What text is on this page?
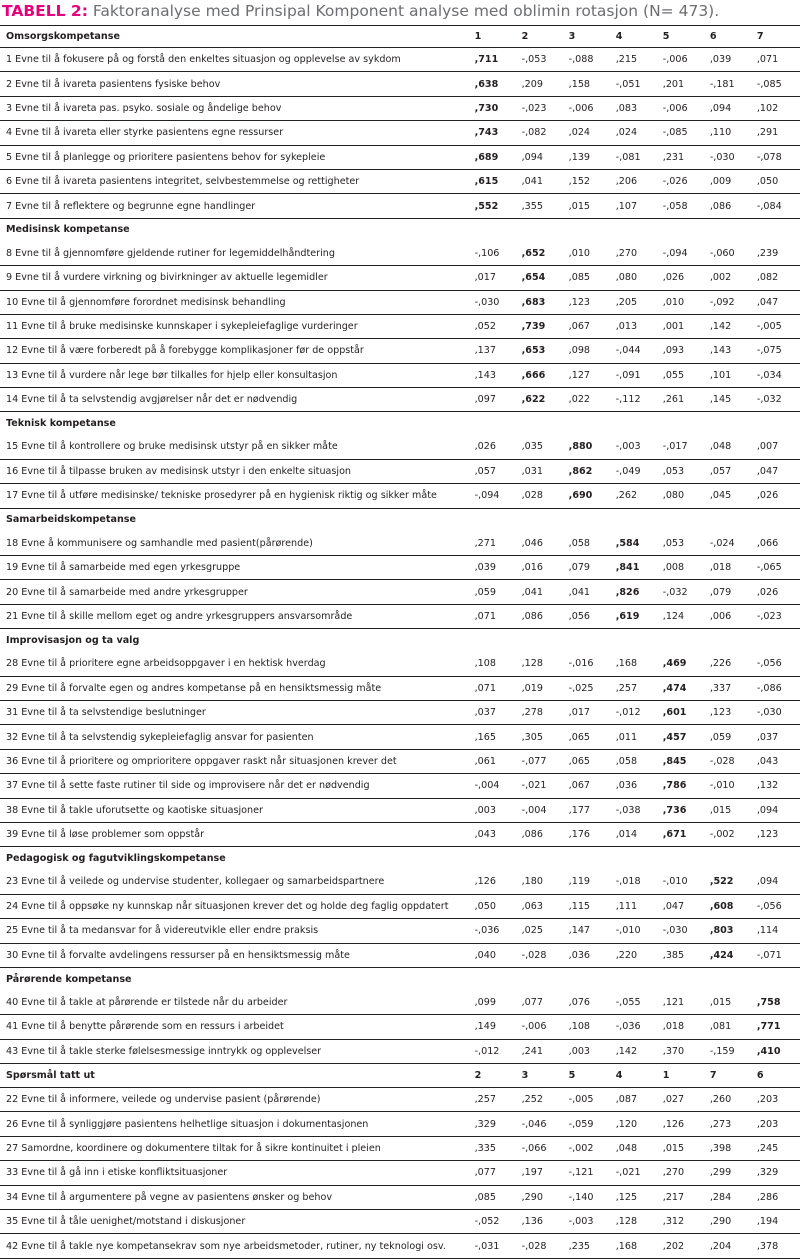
TABELL 2: Faktoranalyse med Prinsipal Komponent analyse med oblimin rotasjon (N= 473).
Omsorgskompetanse	1	2	3	4	5	6	7
1 Evne til å fokusere på og forstå den enkeltes situasjon og opplevelse av sykdom	,711	-,053	-,088	,215	-,006	,039	,071
2 Evne til å ivareta pasientens fysiske behov	,638	,209	,158	-,051	,201	-,181	-,085
3 Evne til å ivareta pas. psyko. sosiale og åndelige behov	,730	-,023	-,006	,083	-,006	,094	,102
4 Evne til å ivareta eller styrke pasientens egne ressurser	,743	-,082	,024	,024	-,085	,110	,291
5 Evne til å planlegge og prioritere pasientens behov for sykepleie	,689	,094	,139	-,081	,231	-,030	-,078
6 Evne til å ivareta pasientens integritet, selvbestemmelse og rettigheter	,615	,041	,152	,206	-,026	,009	,050
7 Evne til å reflektere og begrunne egne handlinger	,552	,355	,015	,107	-,058	,086	-,084
Medisinsk kompetanse							
8 Evne til å gjennomføre gjeldende rutiner for legemiddelhåndtering	-,106	,652	,010	,270	-,094	-,060	,239
9 Evne til å vurdere virkning og bivirkninger av aktuelle legemidler	,017	,654	,085	,080	,026	,002	,082
10 Evne til å gjennomføre forordnet medisinsk behandling	-,030	,683	,123	,205	,010	-,092	,047
11 Evne til å bruke medisinske kunnskaper i sykepleiefaglige vurderinger	,052	,739	,067	,013	,001	,142	-,005
12 Evne til å være forberedt på å forebygge komplikasjoner før de oppstår	,137	,653	,098	-,044	,093	,143	-,075
13 Evne til å vurdere når lege bør tilkalles for hjelp eller konsultasjon	,143	,666	,127	-,091	,055	,101	-,034
14 Evne til å ta selvstendig avgjørelser når det er nødvendig	,097	,622	,022	-,112	,261	,145	-,032
Teknisk kompetanse							
15 Evne til å kontrollere og bruke medisinsk utstyr på en sikker måte	,026	,035	,880	-,003	-,017	,048	,007
16 Evne til å tilpasse bruken av medisinsk utstyr i den enkelte situasjon	,057	,031	,862	-,049	,053	,057	,047
17 Evne til å utføre medisinske/ tekniske prosedyrer på en hygienisk riktig og sikker måte	-,094	,028	,690	,262	,080	,045	,026
Samarbeidskompetanse							
18 Evne å kommunisere og samhandle med pasient(pårørende)	,271	,046	,058	,584	,053	-,024	,066
19 Evne til å samarbeide med egen yrkesgruppe	,039	,016	,079	,841	,008	,018	-,065
20 Evne til å samarbeide med andre yrkesgrupper	,059	,041	,041	,826	-,032	,079	,026
21 Evne til å skille mellom eget og andre yrkesgruppers ansvarsområde	,071	,086	,056	,619	,124	,006	-,023
Improvisasjon og ta valg							
28 Evne til å prioritere egne arbeidsoppgaver i en hektisk hverdag	,108	,128	-,016	,168	,469	,226	-,056
29 Evne til å forvalte egen og andres kompetanse på en hensiktsmessig måte	,071	,019	-,025	,257	,474	,337	-,086
31 Evne til å ta selvstendige beslutninger	,037	,278	,017	-,012	,601	,123	-,030
32 Evne til å ta selvstendig sykepleiefaglig ansvar for pasienten	,165	,305	,065	,011	,457	,059	,037
36 Evne til å prioritere og omprioritere oppgaver raskt når situasjonen krever det	,061	-,077	,065	,058	,845	-,028	,043
37 Evne til å sette faste rutiner til side og improvisere når det er nødvendig	-,004	-,021	,067	,036	,786	-,010	,132
38 Evne til å takle uforutsette og kaotiske situasjoner	,003	-,004	,177	-,038	,736	,015	,094
39 Evne til å løse problemer som oppstår	,043	,086	,176	,014	,671	-,002	,123
Pedagogisk og fagutviklingskompetanse							
23 Evne til å veilede og undervise studenter, kollegaer og samarbeidspartnere	,126	,180	,119	-,018	-,010	,522	,094
24 Evne til å oppsøke ny kunnskap når situasjonen krever det og holde deg faglig oppdatert	,050	,063	,115	,111	,047	,608	-,056
25 Evne til å ta medansvar for å videreutvikle eller endre praksis	-,036	,025	,147	-,010	-,030	,803	,114
30 Evne til å forvalte avdelingens ressurser på en hensiktsmessig måte	,040	-,028	,036	,220	,385	,424	-,071
Pårørende kompetanse							
40 Evne til å takle at pårørende er tilstede når du arbeider	,099	,077	,076	-,055	,121	,015	,758
41 Evne til å benytte pårørende som en ressurs i arbeidet	,149	-,006	,108	-,036	,018	,081	,771
43 Evne til å takle sterke følelsesmessige inntrykk og opplevelser	-,012	,241	,003	,142	,370	-,159	,410
Spørsmål tatt ut	2	3	5	4	1	7	6
22 Evne til å informere, veilede og undervise pasient (pårørende)	,257	,252	-,005	,087	,027	,260	,203
26 Evne til å synliggjøre pasientens helhetlige situasjon i dokumentasjonen	,329	-,046	-,059	,120	,126	,273	,203
27 Samordne, koordinere og dokumentere tiltak for å sikre kontinuitet i pleien	,335	-,066	-,002	,048	,015	,398	,245
33 Evne til å gå inn i etiske konfliktsituasjoner	,077	,197	-,121	-,021	,270	,299	,329
34 Evne til å argumentere på vegne av pasientens ønsker og behov	,085	,290	-,140	,125	,217	,284	,286
35 Evne til å tåle uenighet/motstand i diskusjoner	-,052	,136	-,003	,128	,312	,290	,194
42 Evne til å takle nye kompetansekrav som nye arbeidsmetoder, rutiner, ny teknologi osv.	-,031	-,028	,235	,168	,202	,204	,378
